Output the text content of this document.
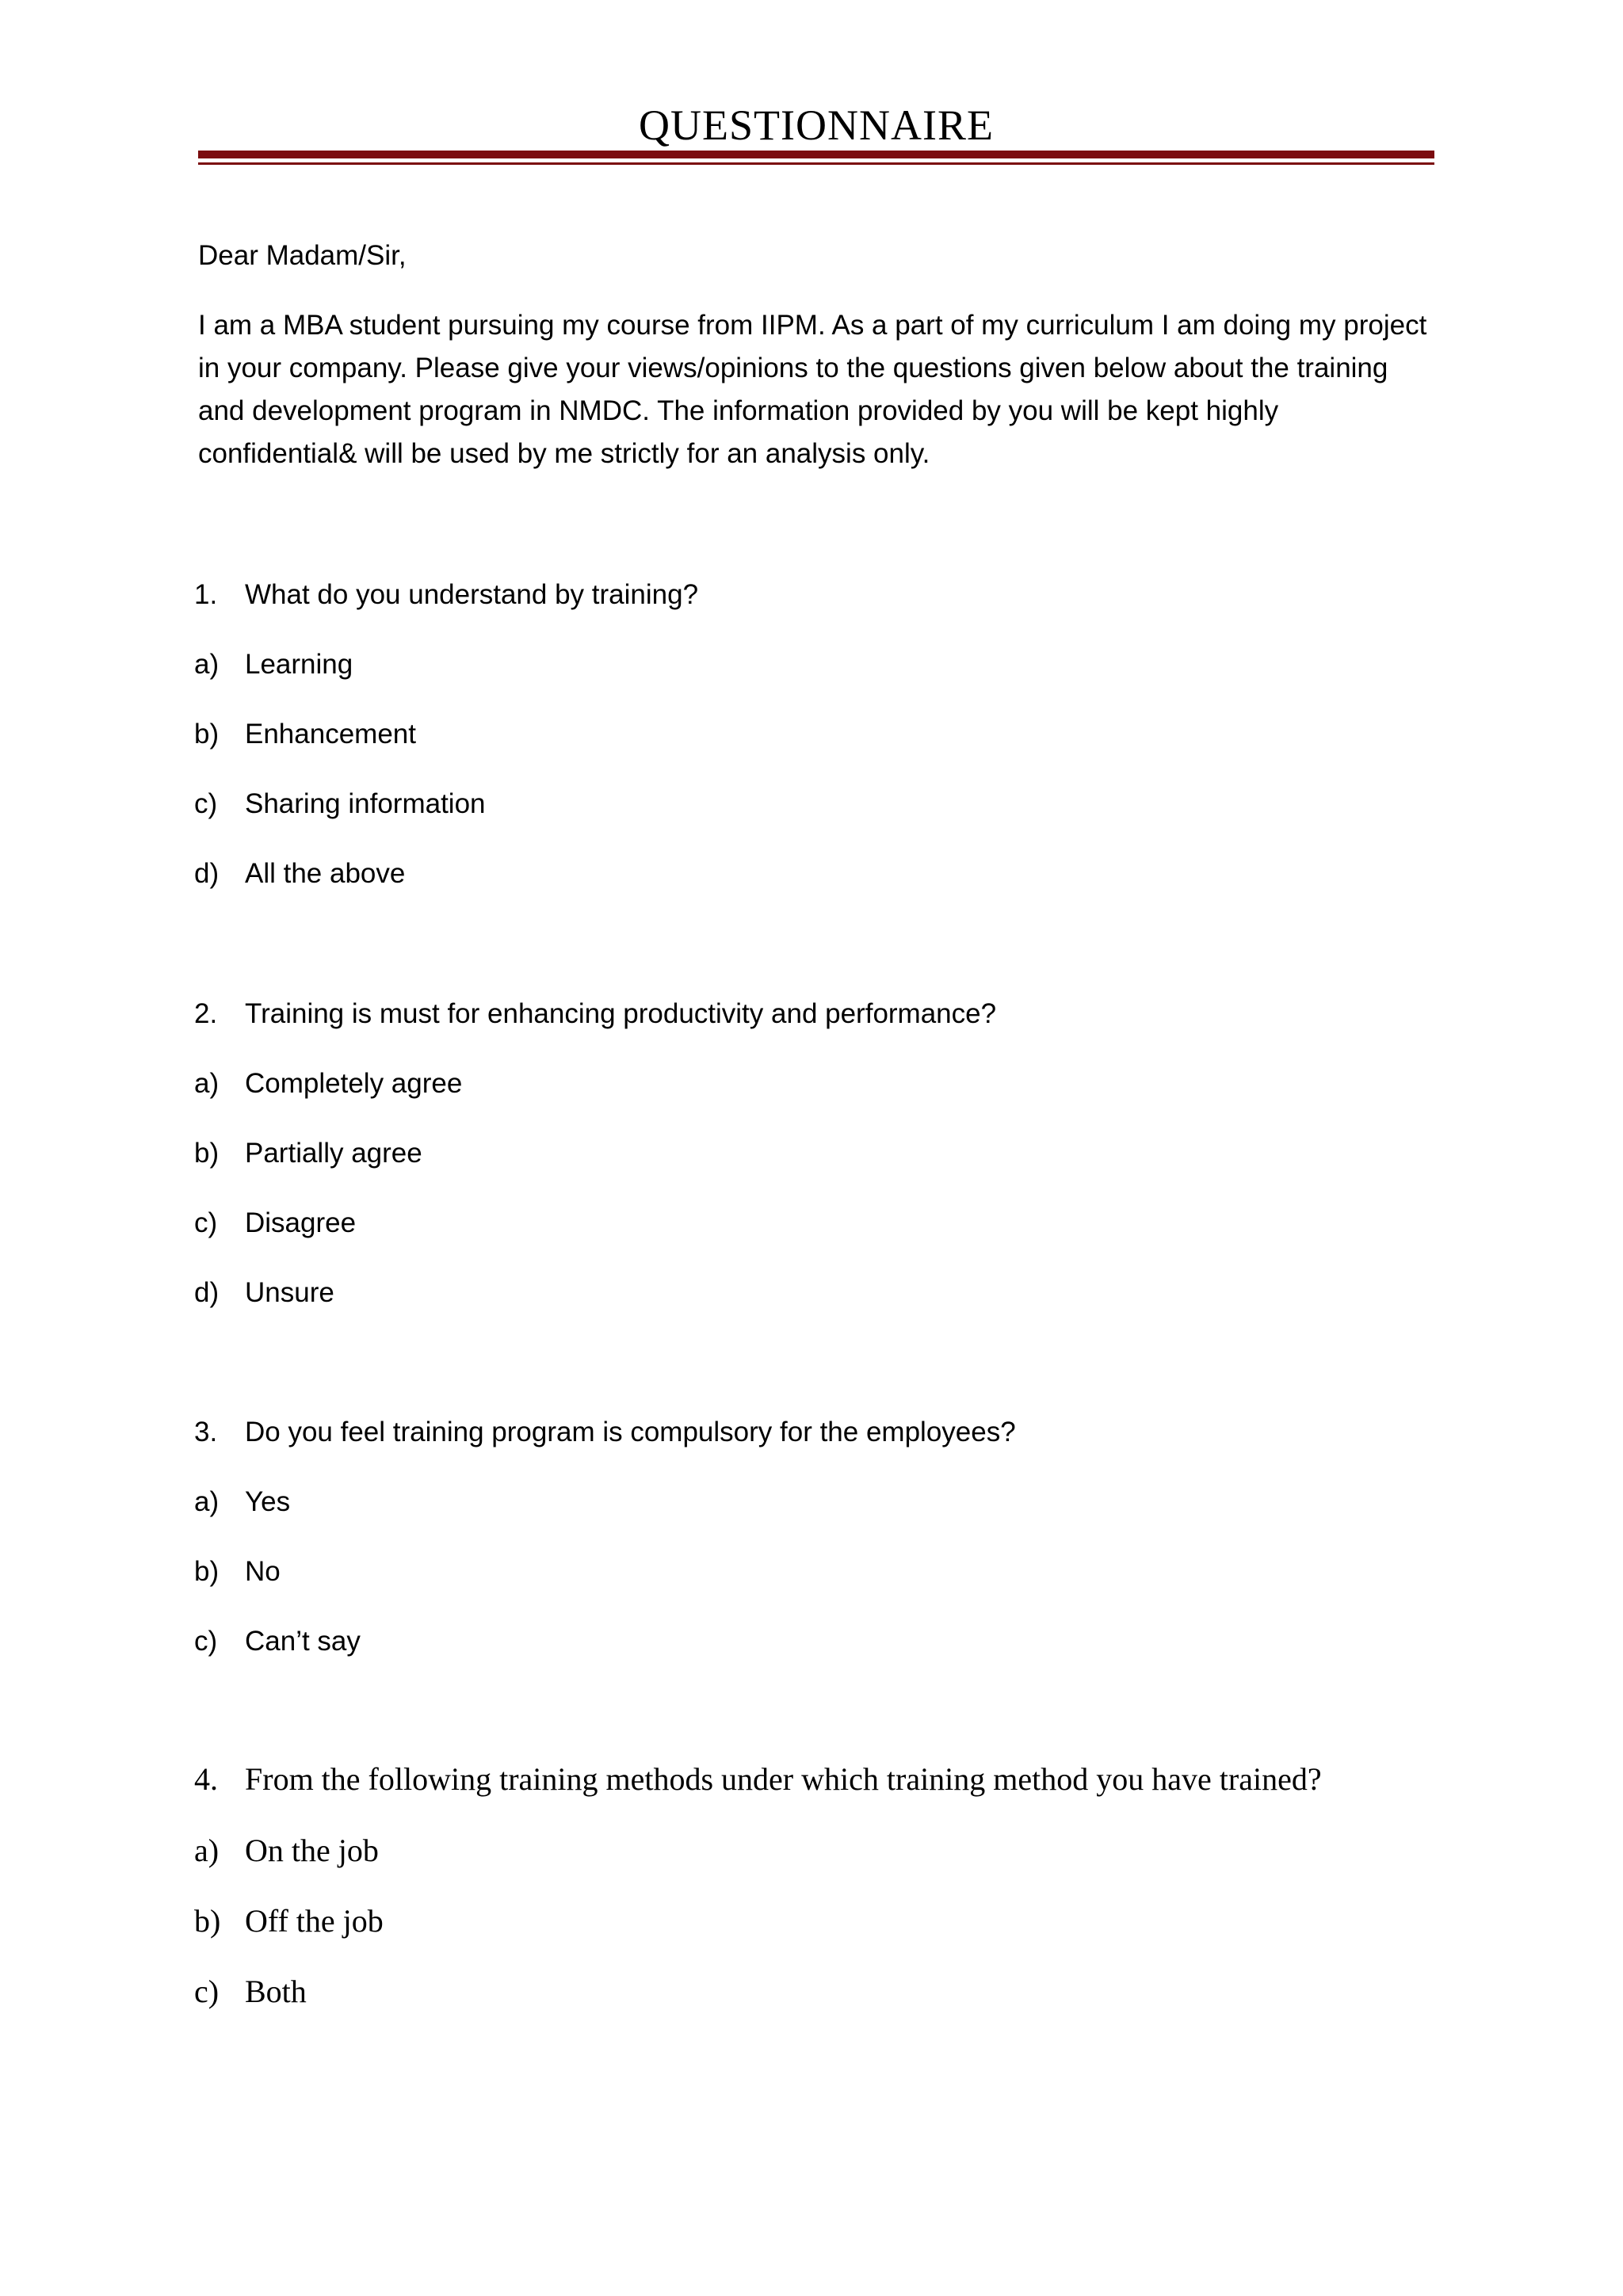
QUESTIONNAIRE

Dear Madam/Sir,

I am a MBA student pursuing my course from IIPM. As a part of my curriculum I am doing my project in your company. Please give your views/opinions to the questions given below about the training and development program in NMDC. The information provided by you will be kept highly confidential& will be used by me strictly for an analysis only.

1. What do you understand by training?
a) Learning
b) Enhancement
c) Sharing information
d) All the above
2. Training is must for enhancing productivity and performance?
a) Completely agree
b) Partially agree
c) Disagree
d) Unsure
3. Do you feel training program is compulsory for the employees?
a) Yes
b) No
c) Can’t say
4. From the following training methods under which training method you have trained?
a) On the job
b) Off the job
c) Both
